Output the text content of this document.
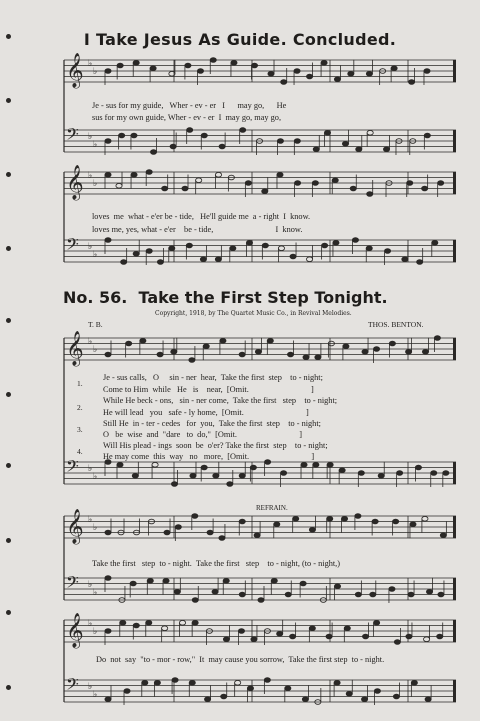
𝄞 ♭
♭
𝄢 ♭
♭
𝄞 ♭
♭
𝄢 ♭
♭
𝄞 ♭
♭
𝄢 ♭
♭
𝄞 ♭
♭
𝄢 ♭
♭
𝄞 ♭
♭
𝄢 ♭
♭
I Take Jesus As Guide. Concluded.
Je - sus for my guide,   Wher - ev - er   I      may go,      He
sus for my own guide, Wher - ev - er  I  may go, may go,
loves  me  what - e'er be - tide,   He'll guide me  a - right  I  know.
loves me, yes, what - e'er    be - tide,                              I  know.
No. 56. Take the First Step Tonight.
Copyright, 1918, by The Quartet Music Co., in Revival Melodies.
T. B.	THOS. BENTON.
1.
2.
3.
4.
Je - sus calls,   O     sin - ner  hear,  Take the first  step    to - night;
Come to Him  while   He   is    near,  [Omit.                              ]
While He beck - ons,   sin - ner come,  Take the first   step    to - night;
He will lead   you   safe - ly home,  [Omit.                              ]
Still He  in - ter - cedes   for  you,  Take the first  step    to - night;
O   be  wise  and  "dare   to  do,"  [Omit.                              ]
Will His plead - ings  soon  be  o'er? Take the first  step    to - night;
He may come  this  way   no   more,  [Omit.                              ]
REFRAIN.
Take the first   step  to - night.  Take the first   step    to - night, (to - night,)
Do  not  say  "to - mor - row,"  It  may cause you sorrow,  Take the first step  to - night.
